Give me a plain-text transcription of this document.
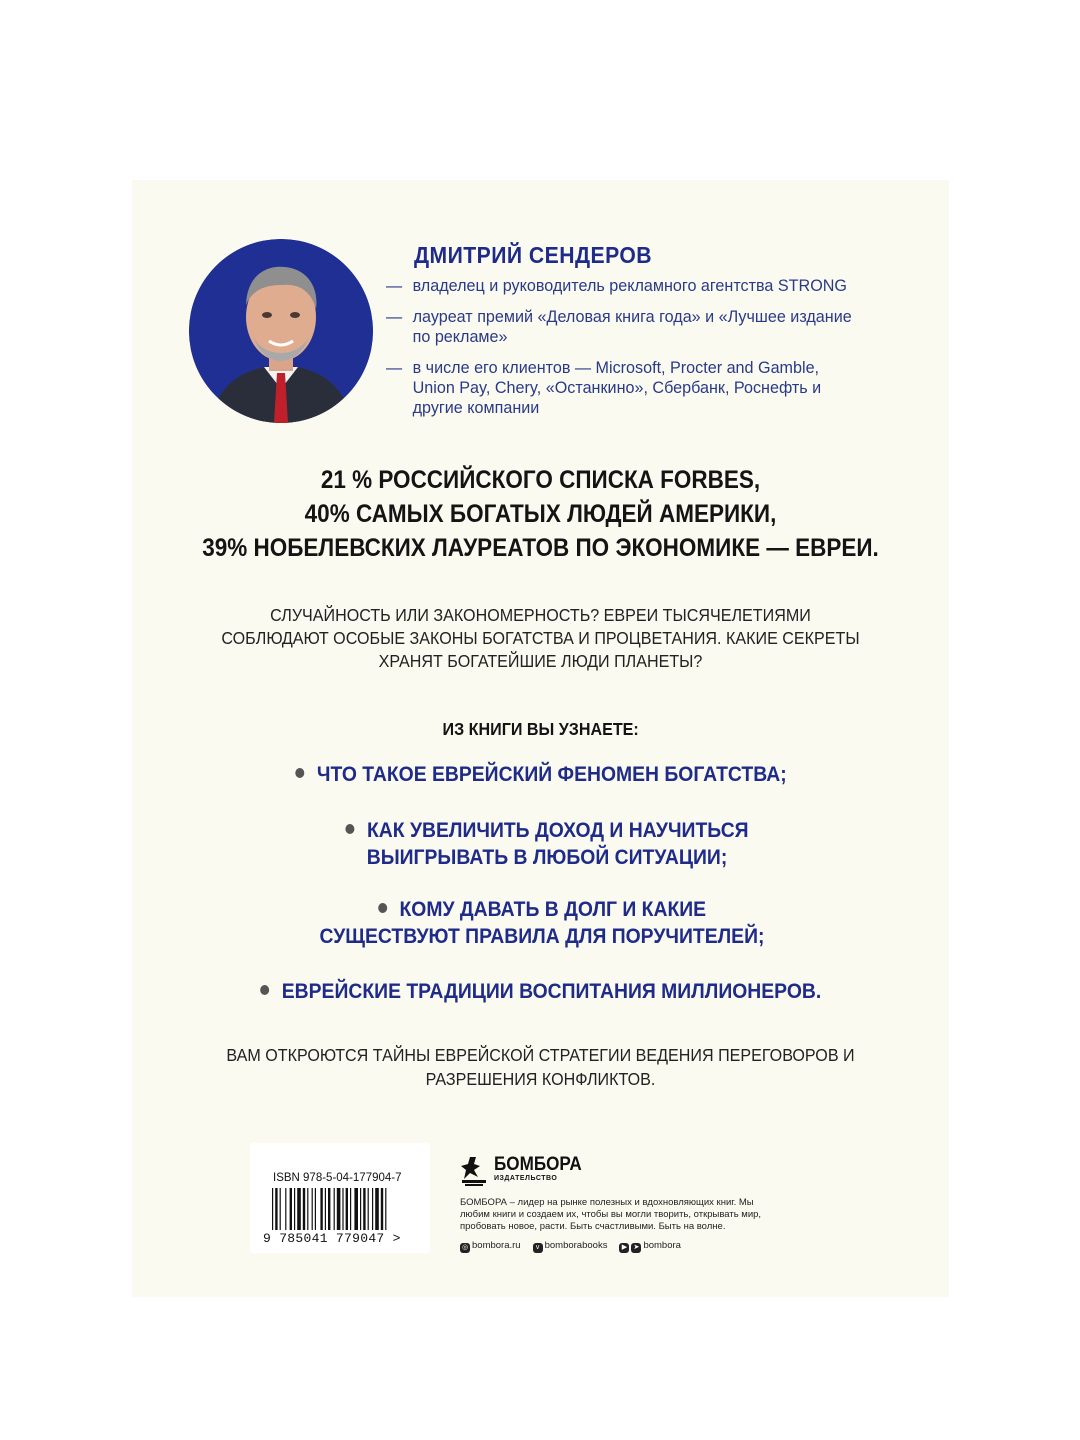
ДМИТРИЙ СЕНДЕРОВ
— владелец и руководитель рекламного агентства STRONG
— лауреат премий «Деловая книга года» и «Лучшее издание по рекламе»
— в числе его клиентов — Microsoft, Procter and Gamble, Union Pay, Chery, «Останкино», Сбербанк, Роснефть и другие компании
21 % РОССИЙСКОГО СПИСКА FORBES,
40% САМЫХ БОГАТЫХ ЛЮДЕЙ АМЕРИКИ,
39% НОБЕЛЕВСКИХ ЛАУРЕАТОВ ПО ЭКОНОМИКЕ — ЕВРЕИ.
СЛУЧАЙНОСТЬ ИЛИ ЗАКОНОМЕРНОСТЬ? ЕВРЕИ ТЫСЯЧЕЛЕТИЯМИ СОБЛЮДАЮТ ОСОБЫЕ ЗАКОНЫ БОГАТСТВА И ПРОЦВЕТАНИЯ. КАКИЕ СЕКРЕТЫ ХРАНЯТ БОГАТЕЙШИЕ ЛЮДИ ПЛАНЕТЫ?
ИЗ КНИГИ ВЫ УЗНАЕТЕ:
ЧТО ТАКОЕ ЕВРЕЙСКИЙ ФЕНОМЕН БОГАТСТВА;
КАК УВЕЛИЧИТЬ ДОХОД И НАУЧИТЬСЯ ВЫИГРЫВАТЬ В ЛЮБОЙ СИТУАЦИИ;
КОМУ ДАВАТЬ В ДОЛГ И КАКИЕ СУЩЕСТВУЮТ ПРАВИЛА ДЛЯ ПОРУЧИТЕЛЕЙ;
ЕВРЕЙСКИЕ ТРАДИЦИИ ВОСПИТАНИЯ МИЛЛИОНЕРОВ.
ВАМ ОТКРОЮТСЯ ТАЙНЫ ЕВРЕЙСКОЙ СТРАТЕГИИ ВЕДЕНИЯ ПЕРЕГОВОРОВ И РАЗРЕШЕНИЯ КОНФЛИКТОВ.
ISBN 978-5-04-177904-7
9 785041 779047 >
БОМБОРА
ИЗДАТЕЛЬСТВО
БОМБОРА – лидер на рынке полезных и вдохновляющих книг. Мы любим книги и создаем их, чтобы вы могли творить, открывать мир, пробовать новое, расти. Быть счастливыми. Быть на волне.
◎ bombora.ru	v bomborabooks	▶ ➤ bombora
